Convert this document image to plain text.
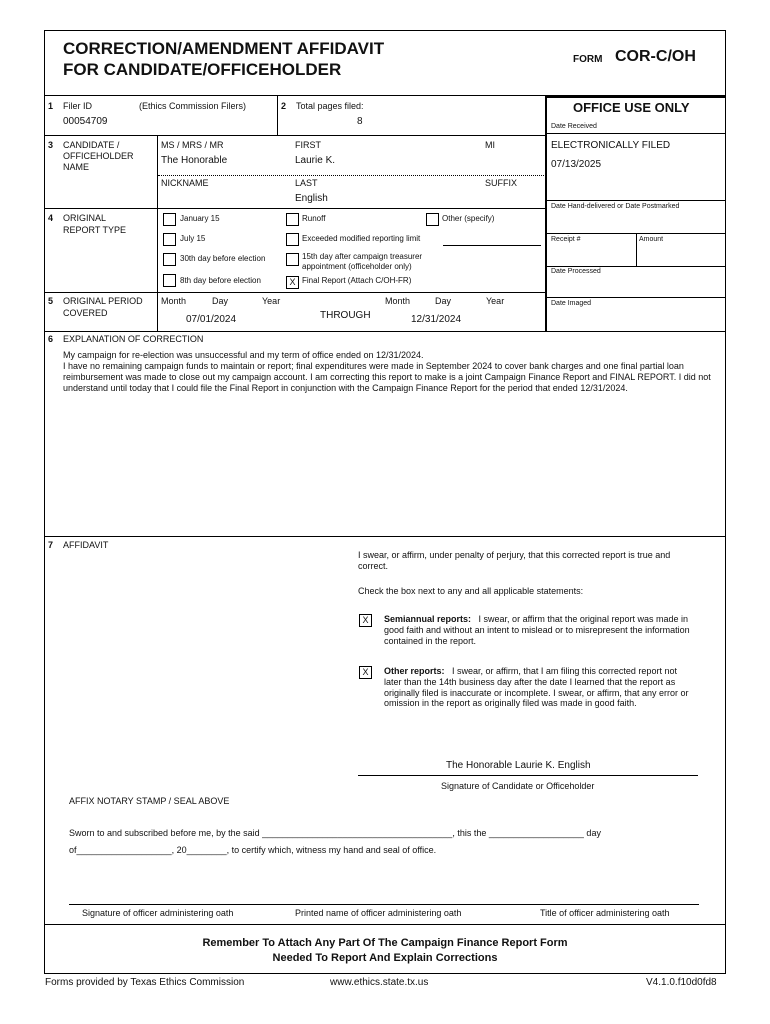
CORRECTION/AMENDMENT AFFIDAVIT
FOR CANDIDATE/OFFICEHOLDER
FORM COR-C/OH
1 Filer ID	(Ethics Commission Filers)
00054709
2 Total pages filed:
8
OFFICE USE ONLY
Date Received
ELECTRONICALLY FILED
07/13/2025
Date Hand-delivered or Date Postmarked
Receipt #	Amount
Date Processed
Date Imaged
3 CANDIDATE /
OFFICEHOLDER
NAME
MS / MRS / MR
The Honorable
FIRST
Laurie K.
MI
NICKNAME	LAST
English
SUFFIX
4 ORIGINAL
REPORT TYPE
January 15
July 15
30th day before election
8th day before election
Runoff
Exceeded modified reporting limit
15th day after campaign treasurer
appointment (officeholder only)
X Final Report (Attach C/OH-FR)
Other (specify)
5 ORIGINAL PERIOD
COVERED
Month	Day	Year
07/01/2024	THROUGH
Month	Day	Year
12/31/2024
6 EXPLANATION OF CORRECTION
My campaign for re-election was unsuccessful and my term of office ended on 12/31/2024.
I have no remaining campaign funds to maintain or report; final expenditures were made in September 2024 to cover bank charges and one final partial loan reimbursement was made to close out my campaign account. I am correcting this report to make is a joint Campaign Finance Report and FINAL REPORT. I did not understand until today that I could file the Final Report in conjunction with the Campaign Finance Report for the period that ended 12/31/2024.
7 AFFIDAVIT
I swear, or affirm, under penalty of perjury, that this corrected report is true and correct.
Check the box next to any and all applicable statements:
X	Semiannual reports: I swear, or affirm that the original report was made in good faith and without an intent to mislead or to misrepresent the information contained in the report.
X	Other reports: I swear, or affirm, that I am filing this corrected report not later than the 14th business day after the date I learned that the report as originally filed is inaccurate or incomplete. I swear, or affirm, that any error or omission in the report as originally filed was made in good faith.
The Honorable Laurie K. English
Signature of Candidate or Officeholder
AFFIX NOTARY STAMP / SEAL ABOVE
Sworn to and subscribed before me, by the said ______________________________________, this the ___________________ day
of___________________, 20________, to certify which, witness my hand and seal of office.
Signature of officer administering oath	Printed name of officer administering oath	Title of officer administering oath
Remember To Attach Any Part Of The Campaign Finance Report Form
Needed To Report And Explain Corrections
Forms provided by Texas Ethics Commission	www.ethics.state.tx.us	V4.1.0.f10d0fd8
